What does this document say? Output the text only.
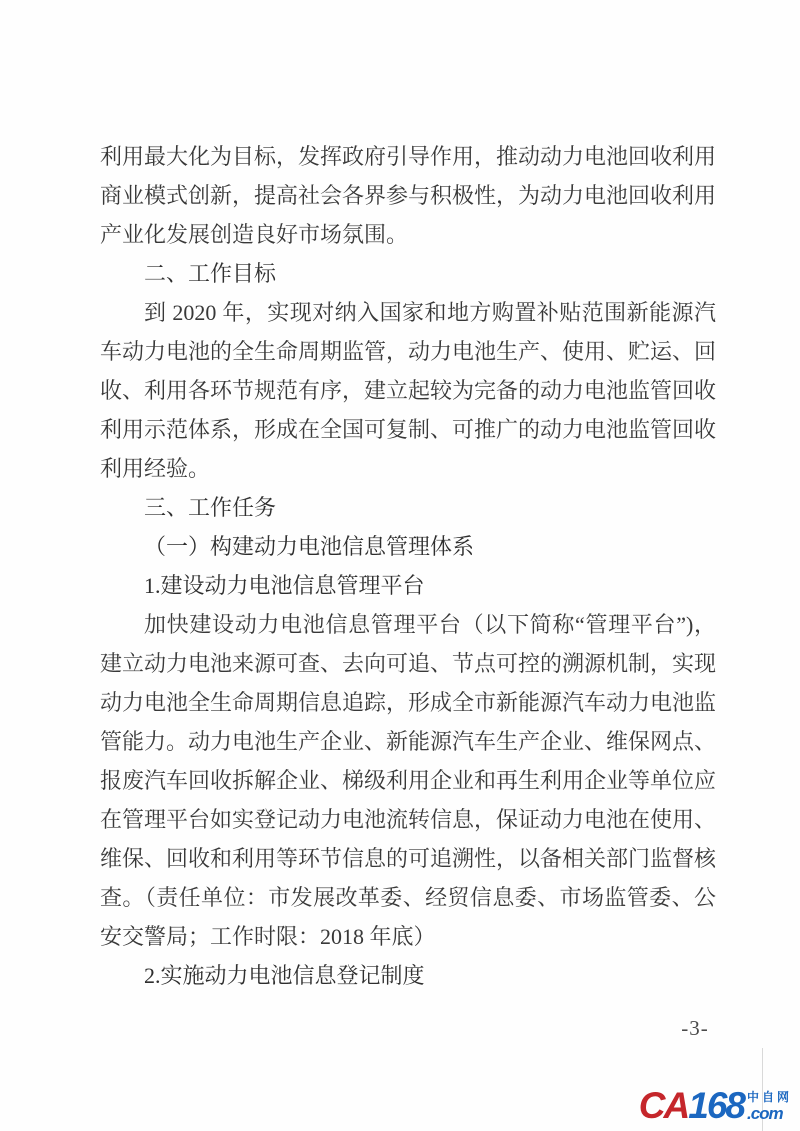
利用最大化为目标，发挥政府引导作用，推动动力电池回收利用商业模式创新，提高社会各界参与积极性，为动力电池回收利用产业化发展创造良好市场氛围。

二、工作目标

到 2020 年，实现对纳入国家和地方购置补贴范围新能源汽车动力电池的全生命周期监管，动力电池生产、使用、贮运、回收、利用各环节规范有序，建立起较为完备的动力电池监管回收利用示范体系，形成在全国可复制、可推广的动力电池监管回收利用经验。

三、工作任务
（一）构建动力电池信息管理体系
1.建设动力电池信息管理平台

加快建设动力电池信息管理平台（以下简称“管理平台”)，建立动力电池来源可查、去向可追、节点可控的溯源机制，实现动力电池全生命周期信息追踪，形成全市新能源汽车动力电池监管能力。动力电池生产企业、新能源汽车生产企业、维保网点、报废汽车回收拆解企业、梯级利用企业和再生利用企业等单位应在管理平台如实登记动力电池流转信息，保证动力电池在使用、维保、回收和利用等环节信息的可追溯性，以备相关部门监督核查。（责任单位：市发展改革委、经贸信息委、市场监管委、公安交警局；工作时限：2018 年底）

2.实施动力电池信息登记制度
-3-
CA168 中自网
.com
